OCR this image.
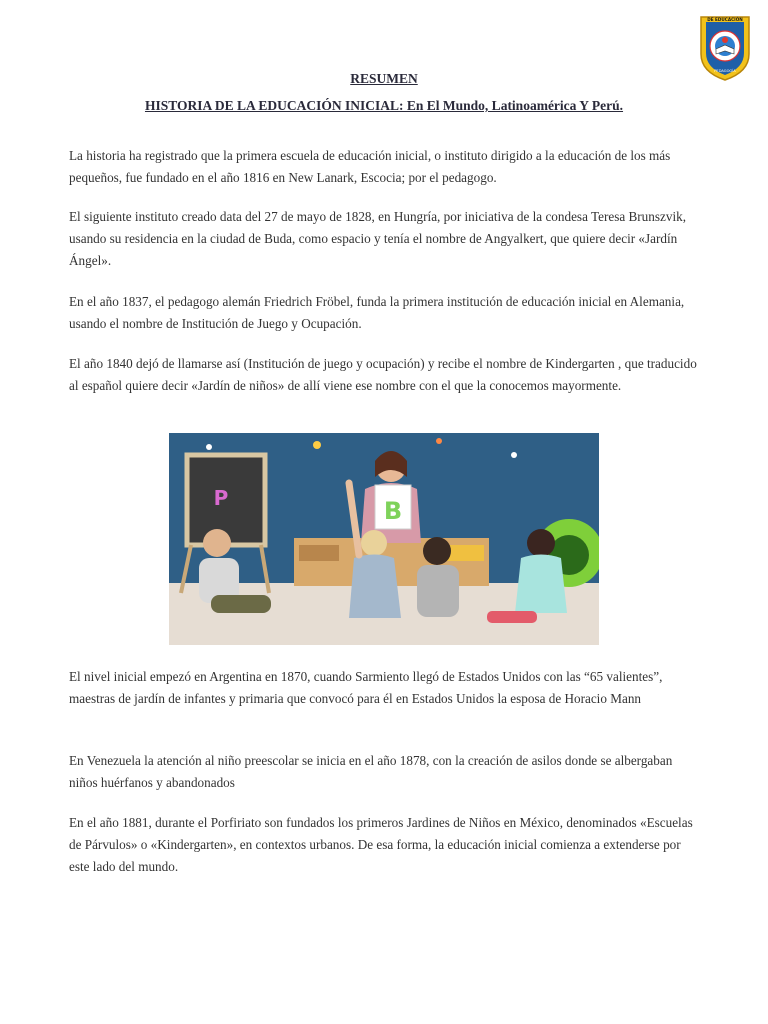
DE EDUCACIÓN
PEDAGOGÍA
RESUMEN
HISTORIA DE LA EDUCACIÓN INICIAL: En El Mundo, Latinoamérica Y Perú.

La historia ha registrado que la primera escuela de educación inicial, o instituto dirigido a la educación de los más pequeños, fue fundado en el año 1816 en New Lanark, Escocia; por el pedagogo.

El siguiente instituto creado data del 27 de mayo de 1828, en Hungría, por iniciativa de la condesa Teresa Brunszvik, usando su residencia en la ciudad de Buda, como espacio y tenía el nombre de Angyalkert, que quiere decir «Jardín Ángel».

En el año 1837, el pedagogo alemán Friedrich Fröbel, funda la primera institución de educación inicial en Alemania, usando el nombre de Institución de Juego y Ocupación.

El año 1840 dejó de llamarse así (Institución de juego y ocupación) y recibe el nombre de Kindergarten , que traducido al español quiere decir «Jardín de niños» de allí viene ese nombre con el que la conocemos mayormente.

P	B

El nivel inicial empezó en Argentina en 1870, cuando Sarmiento llegó de Estados Unidos con las “65 valientes”, maestras de jardín de infantes y primaria que convocó para él en Estados Unidos la esposa de Horacio Mann

En Venezuela la atención al niño preescolar se inicia en el año 1878, con la creación de asilos donde se albergaban niños huérfanos y abandonados

En el año 1881, durante el Porfiriato son fundados los primeros Jardines de Niños en México, denominados «Escuelas de Párvulos» o «Kindergarten», en contextos urbanos. De esa forma, la educación inicial comienza a extenderse por este lado del mundo.
